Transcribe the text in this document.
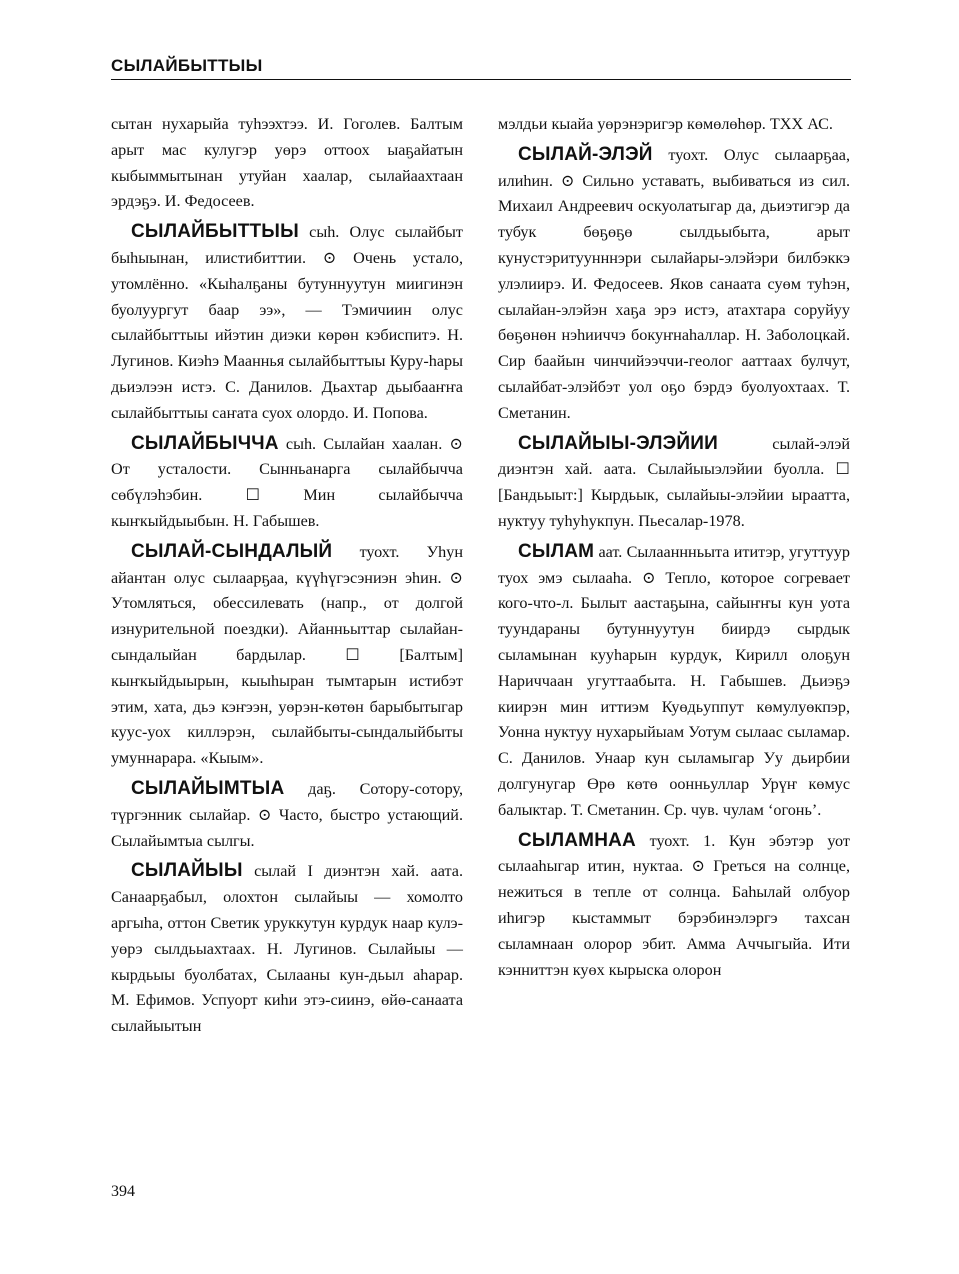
СЫЛАЙБЫТТЫЫ

сытан нухарыйа туһээхтээ. И. Гоголев. Балтым арыт мас кулугэр уөрэ оттоох ыаҕайатын кыбыммытынан утуйан хаалар, сылайаахтаан эрдэҕэ. И. Федосеев.

СЫЛАЙБЫТТЫЫ сыһ. Олус сылайбыт быһыынан, илистибиттии. ⊙ Очень устало, утомлённо. «Кыһалҕаны бутуннуутун миигинэн буолуургут баар ээ», — Тэмичиин олус сылайбыттыы ийэтин диэки көрөн кэбиспитэ. Н. Лугинов. Киэһэ Мааннья сылайбыттыы Куру-һары дьиэлээн истэ. С. Данилов. Дьахтар дьыбааҥҥа сылайбыттыы саҥата суох олордо. И. Попова.

СЫЛАЙБЫЧЧА сыһ. Сылайан хаалан. ⊙ От усталости. Сынньанарга сылайбычча сөбүлэһэбин. ☐ Мин сылайбычча кыҥкыйдыыбын. Н. Габышев.

СЫЛАЙ-СЫНДАЛЫЙ туохт. Уһун айантан олус сылаарҕаа, күүһүгэсэниэн эһин. ⊙ Утомляться, обессилевать (напр., от долгой изнурительной поездки). Айанньыттар сылайан-сындалыйан бардылар. ☐ [Балтым] кыҥкыйдыырын, кыыһыран тымтарын истибэт этим, хата, дьэ кэҥээн, уөрэн-көтөн барыбытыгар куус-уох киллэрэн, сылайбыты-сындалыйбыты умуннарара. «Кыым».

СЫЛАЙЫМТЫА даҕ. Сотору-сотору, түргэнник сылайар. ⊙ Часто, быстро устающий. Сылайымтыа сылгы.

СЫЛАЙЫЫ сылай I диэнтэн хай. аата. Санаарҕабыл, олохтон сылайыы — хомолто аргыһа, оттон Светик уруккутун курдук наар кулэ-уөрэ сылдьыахтаах. Н. Лугинов. Сылайыы — кырдьыы буолбатах, Сылааны кун-дьыл аһарар. М. Ефимов. Успуорт киһи этэ-сиинэ, өйө-санаата сылайыытын

мэлдьи кыайа уөрэнэригэр көмөлөһөр. ТХХ АС.

СЫЛАЙ-ЭЛЭЙ туохт. Олус сылаарҕаа, илиһин. ⊙ Сильно уставать, выбиваться из сил. Михаил Андреевич оскуолатыгар да, дьиэтигэр да тубук бөҕөҕө сылдьыбыта, арыт кунустэритуунннэри сылайары-элэйэри билбэккэ улэлиирэ. И. Федосеев. Яков санаата суөм туһэн, сылайан-элэйэн хаҕа эрэ истэ, атахтара соруйуу бөҕөнөн нэһииччэ бокуҥнаһаллар. Н. Заболоцкай. Сир баайын чинчийээччи-геолог ааттаах булчут, сылайбат-элэйбэт уол оҕо бэрдэ буолуохтаах. Т. Сметанин.

СЫЛАЙЫЫ-ЭЛЭЙИИ сылай-элэй диэнтэн хай. аата. Сылайыыэлэйии буолла. ☐ [Бандьыыт:] Кырдьык, сылайыы-элэйии ыраатта, нуктуу туһуһукпун. Пьесалар-1978.

СЫЛАМ аат. Сылааннньыта ититэр, угуттуур туох эмэ сылааһа. ⊙ Тепло, которое согревает кого-что-л. Былыт аастаҕына, сайыҥҥы кун уота туундараны бутуннуутун биирдэ сырдык сыламынан кууһарын курдук, Кирилл олоҕун Нариччаан угуттаабыта. Н. Габышев. Дьиэҕэ киирэн мин иттиэм Куөдьуппут көмулуөкпэр, Уонна нуктуу нухарыйыам Уотум сылаас сыламар. С. Данилов. Унаар кун сыламыгар Уу дьирбии долгунугар Өрө көтө оонньуллар Урүҥ көмус балыктар. Т. Сметанин. Ср. чув. чулам ‘огонь’.

СЫЛАМНАА туохт. 1. Кун эбэтэр уот сылааһыгар итин, нуктаа. ⊙ Греться на солнце, нежиться в тепле от солнца. Баһылай олбуор иһигэр кыстаммыт бэрэбинэлэргэ тахсан сыламнаан олорор эбит. Амма Аччыгыйа. Ити кэнниттэн куөх кырыска олорон

394
